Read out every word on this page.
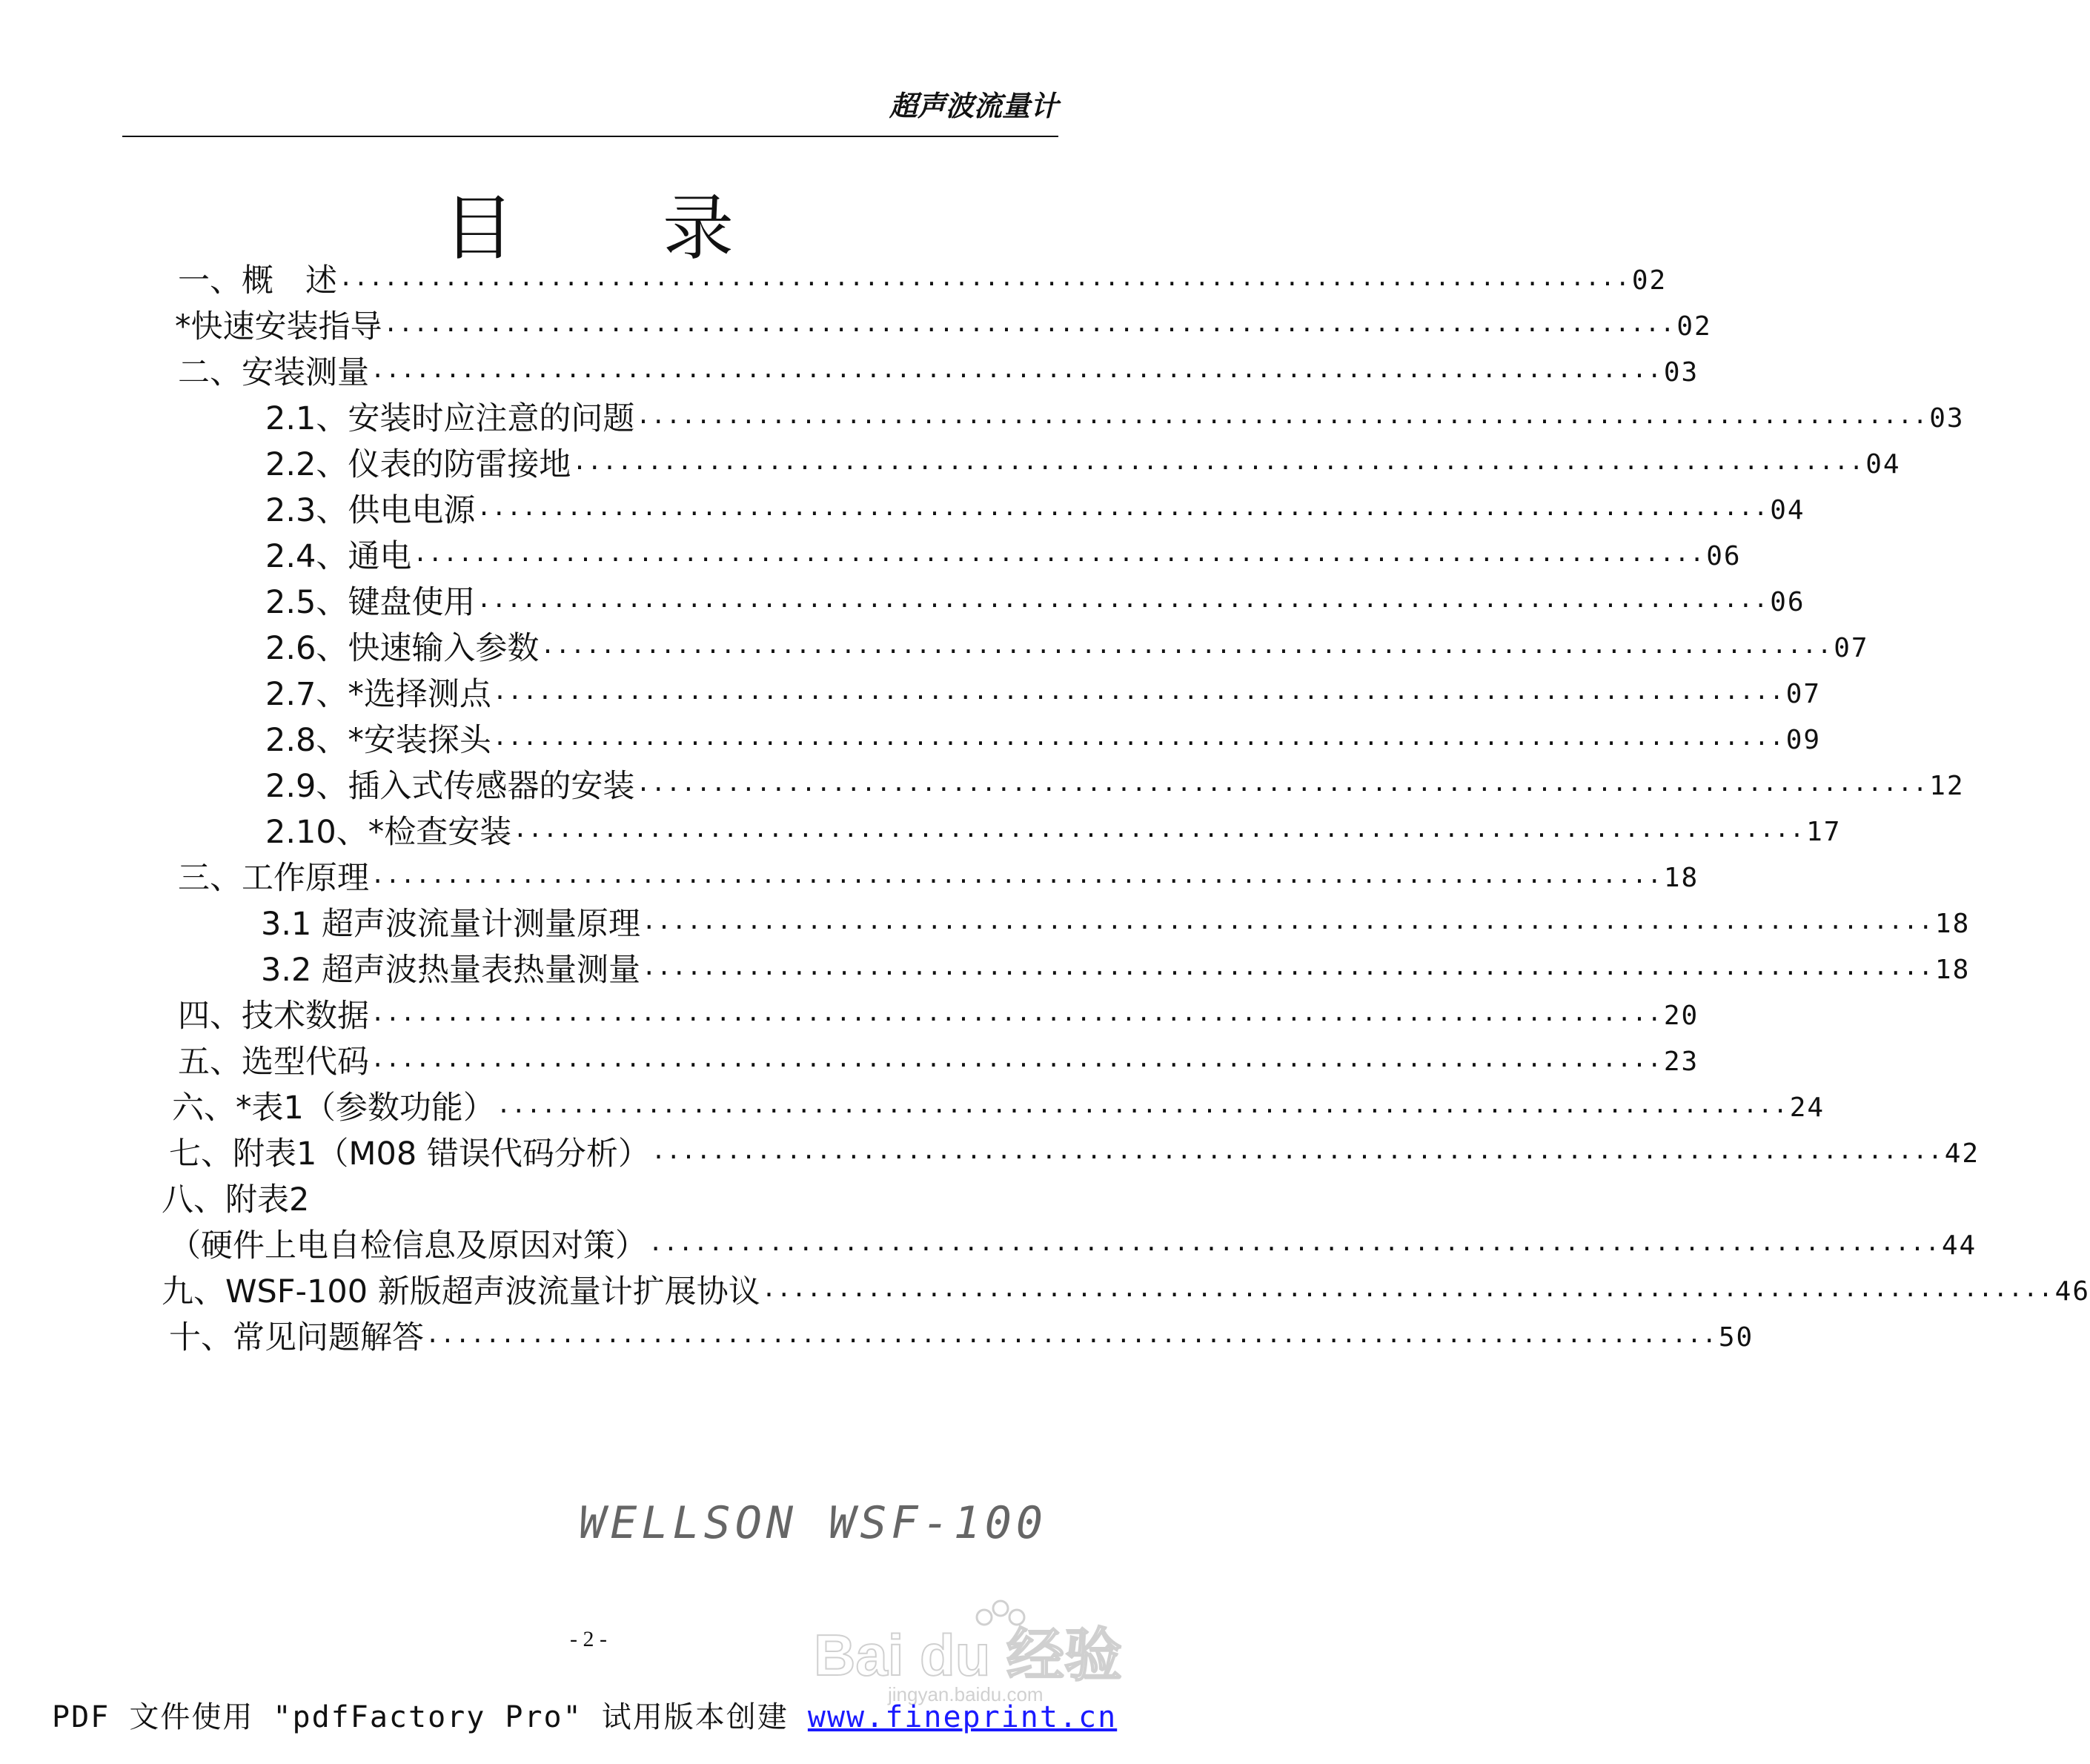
超声波流量计
目录
一、概　述 ······················································································ 02
*快速安装指导 ······················································································ 02
二、安装测量 ······················································································ 03
2.1、安装时应注意的问题 ······················································································ 03
2.2、仪表的防雷接地 ······················································································ 04
2.3、供电电源 ······················································································ 04
2.4、通电 ······················································································ 06
2.5、键盘使用 ······················································································ 06
2.6、快速输入参数 ······················································································ 07
2.7、*选择测点 ······················································································ 07
2.8、*安装探头 ······················································································ 09
2.9、插入式传感器的安装 ······················································································ 12
2.10、*检查安装 ······················································································ 17
三、工作原理 ······················································································ 18
3.1 超声波流量计测量原理 ······················································································ 18
3.2 超声波热量表热量测量 ······················································································ 18
四、技术数据 ······················································································ 20
五、选型代码 ······················································································ 23
六、*表1（参数功能） ······················································································ 24
七、附表1（M08 错误代码分析） ······················································································ 42
八、附表2
（硬件上电自检信息及原因对策） ······················································································ 44
九、WSF-100 新版超声波流量计扩展协议 ······················································································ 46
十、常见问题解答 ······················································································ 50
WELLSON WSF-100
Bai du 经验
jingyan.baidu.com
- 2 -
PDF 文件使用 "pdfFactory Pro" 试用版本创建 www.fineprint.cn
